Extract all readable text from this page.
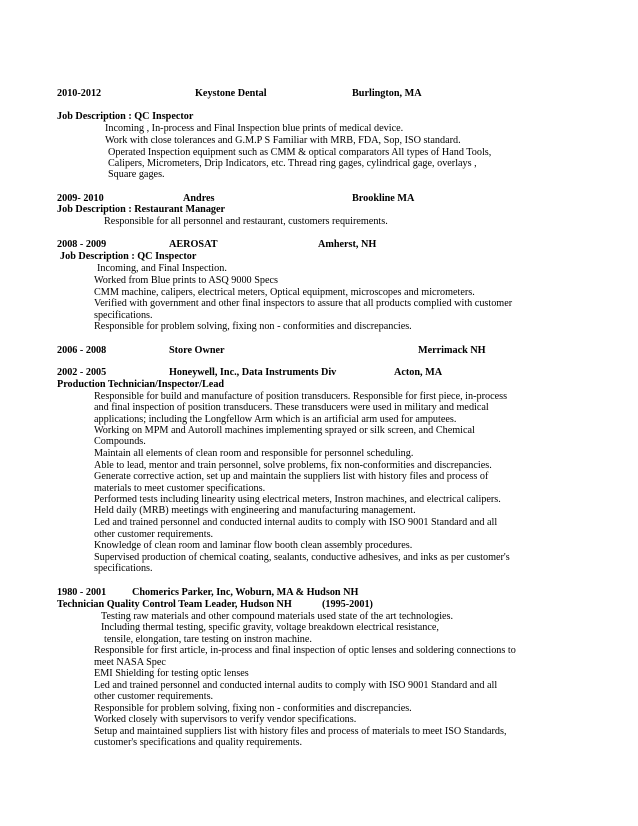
2010-2012	Keystone Dental	Burlington, MA
Job Description : QC Inspector
Incoming , In-process and Final Inspection blue prints of medical device.
Work with close tolerances and G.M.P S Familiar with MRB, FDA, Sop, ISO standard.
Operated Inspection equipment such as CMM & optical comparators All types of Hand Tools,
Calipers, Micrometers, Drip Indicators, etc. Thread ring gages, cylindrical gage, overlays ,
Square gages.
2009- 2010	Andres	Brookline MA
Job Description : Restaurant Manager
Responsible for all personnel and restaurant, customers requirements.
2008 - 2009	AEROSAT	Amherst, NH
Job Description : QC Inspector
Incoming, and Final Inspection.
Worked from Blue prints to ASQ 9000 Specs
CMM machine, calipers, electrical meters, Optical equipment, microscopes and micrometers.
Verified with government and other final inspectors to assure that all products complied with customer
specifications.
Responsible for problem solving, fixing non - conformities and discrepancies.
2006 - 2008	Store Owner	Merrimack NH
2002 - 2005	Honeywell, Inc., Data Instruments Div	Acton, MA
Production Technician/Inspector/Lead
Responsible for build and manufacture of position transducers. Responsible for first piece, in-process
and final inspection of position transducers. These transducers were used in military and medical
applications; including the Longfellow Arm which is an artificial arm used for amputees.
Working on MPM and Autoroll machines implementing sprayed or silk screen, and Chemical
Compounds.
Maintain all elements of clean room and responsible for personnel scheduling.
Able to lead, mentor and train personnel, solve problems, fix non-conformities and discrepancies.
Generate corrective action, set up and maintain the suppliers list with history files and process of
materials to meet customer specifications.
Performed tests including linearity using electrical meters, Instron machines, and electrical calipers.
Held daily (MRB) meetings with engineering and manufacturing management.
Led and trained personnel and conducted internal audits to comply with ISO 9001 Standard and all
other customer requirements.
Knowledge of clean room and laminar flow booth clean assembly procedures.
Supervised production of chemical coating, sealants, conductive adhesives, and inks as per customer's
specifications.
1980 - 2001	Chomerics Parker, Inc, Woburn, MA & Hudson NH
Technician Quality Control Team Leader, Hudson NH	(1995-2001)
Testing raw materials and other compound materials used state of the art technologies.
Including thermal testing, specific gravity, voltage breakdown electrical resistance,
tensile, elongation, tare testing on instron machine.
Responsible for first article, in-process and final inspection of optic lenses and soldering connections to
meet NASA Spec
EMI Shielding for testing optic lenses
Led and trained personnel and conducted internal audits to comply with ISO 9001 Standard and all
other customer requirements.
Responsible for problem solving, fixing non - conformities and discrepancies.
Worked closely with supervisors to verify vendor specifications.
Setup and maintained suppliers list with history files and process of materials to meet ISO Standards,
customer's specifications and quality requirements.
